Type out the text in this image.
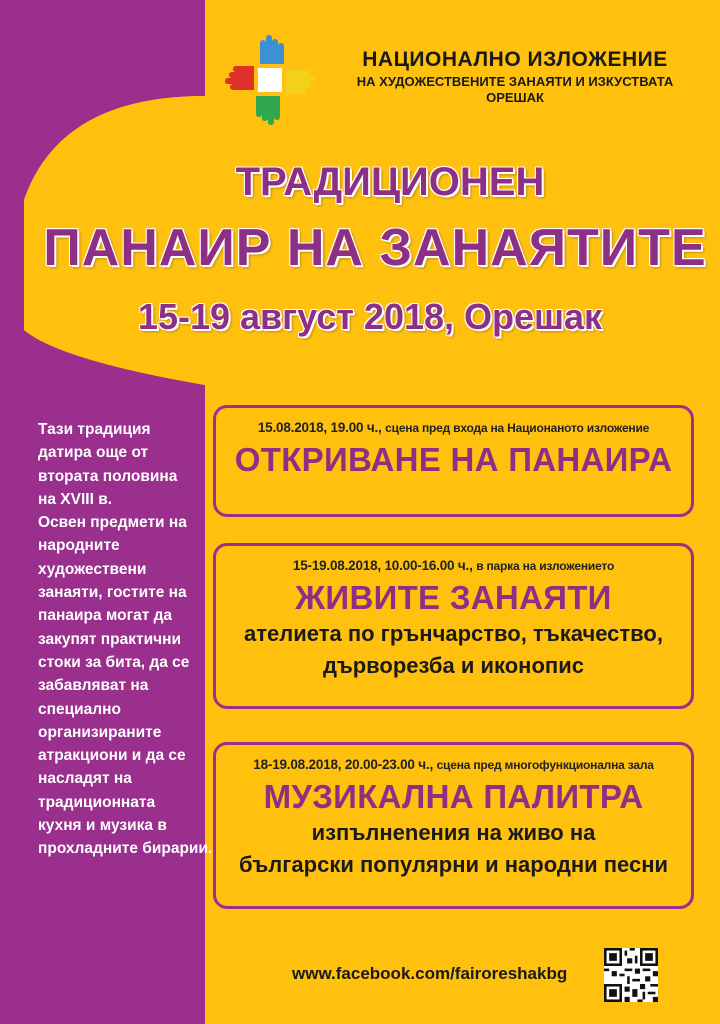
НАЦИОНАЛНО ИЗЛОЖЕНИЕ
НА ХУДОЖЕСТВЕНИТЕ ЗАНАЯТИ И ИЗКУСТВАТА
ОРЕШАК
ТРАДИЦИОНЕН
ПАНАИР НА ЗАНАЯТИТЕ
15-19 август 2018, Орешак

Тази традиция

датира още от

втората половина

на XVIII в.

Освен предмети на

народните

художествени

занаяти, гостите на

панаира могат да

закупят практични

стоки за бита, да се

забавляват на

специално

организираните

атракциони и да се

насладят на

традиционната

кухня и музика в

прохладните бирарии.

15.08.2018, 19.00 ч., сцена пред входа на Национаното изложение
ОТКРИВАНЕ НА ПАНАИРА
15-19.08.2018, 10.00-16.00 ч., в парка на изложението
ЖИВИТЕ ЗАНАЯТИ
ателиета по грънчарство, тъкачество,
дърворезба и иконопис
18-19.08.2018, 20.00-23.00 ч., сцена пред многофункционална зала
МУЗИКАЛНА ПАЛИТРА
изпълнenения на живо на
български популярни и народни песни
www.facebook.com/fairoreshakbg
